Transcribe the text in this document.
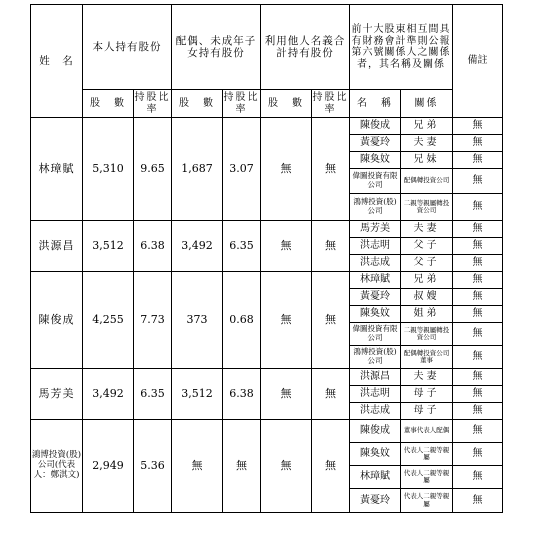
姓　名	本人持有股份		配偶、未成年子女持有股份		利用他人名義合計持有股份		前十大股東相互間具有財務會計準則公報第六號關係人之關係者，其名稱及關係		備註
	股　數	持股比率	股　數	持股比率	股　數	持股比率	名　稱	關係	
林璋賦	5,310	9.65	1,687	3.07	無	無	陳俊成	兄弟	無
							黃憂玲	夫妻	無
							陳奐妏	兄妹	無
							偉圖投資有限公司	配偶轉投資公司	無
							鴻博投資(股)公司	二親等親屬轉投資公司	無
洪源昌	3,512	6.38	3,492	6.35	無	無	馬芳美	夫妻	無
							洪志明	父子	無
							洪志成	父子	無
陳俊成	4,255	7.73	373	0.68	無	無	林璋賦	兄弟	無
							黃憂玲	叔嫂	無
							陳奐妏	姐弟	無
							偉圖投資有限公司	二親等親屬轉投資公司	無
							鴻博投資(股)公司	配偶轉投資公司董事	無
馬芳美	3,492	6.35	3,512	6.38	無	無	洪源昌	夫妻	無
							洪志明	母子	無
							洪志成	母子	無
鴻博投資(股)公司(代表人：鄭淇文)	2,949	5.36	無	無	無	無	陳俊成	董事代表人配偶	無
							陳奐妏	代表人二親等親屬	無
							林璋賦	代表人二親等親屬	無
							黃憂玲	代表人二親等親屬	無
